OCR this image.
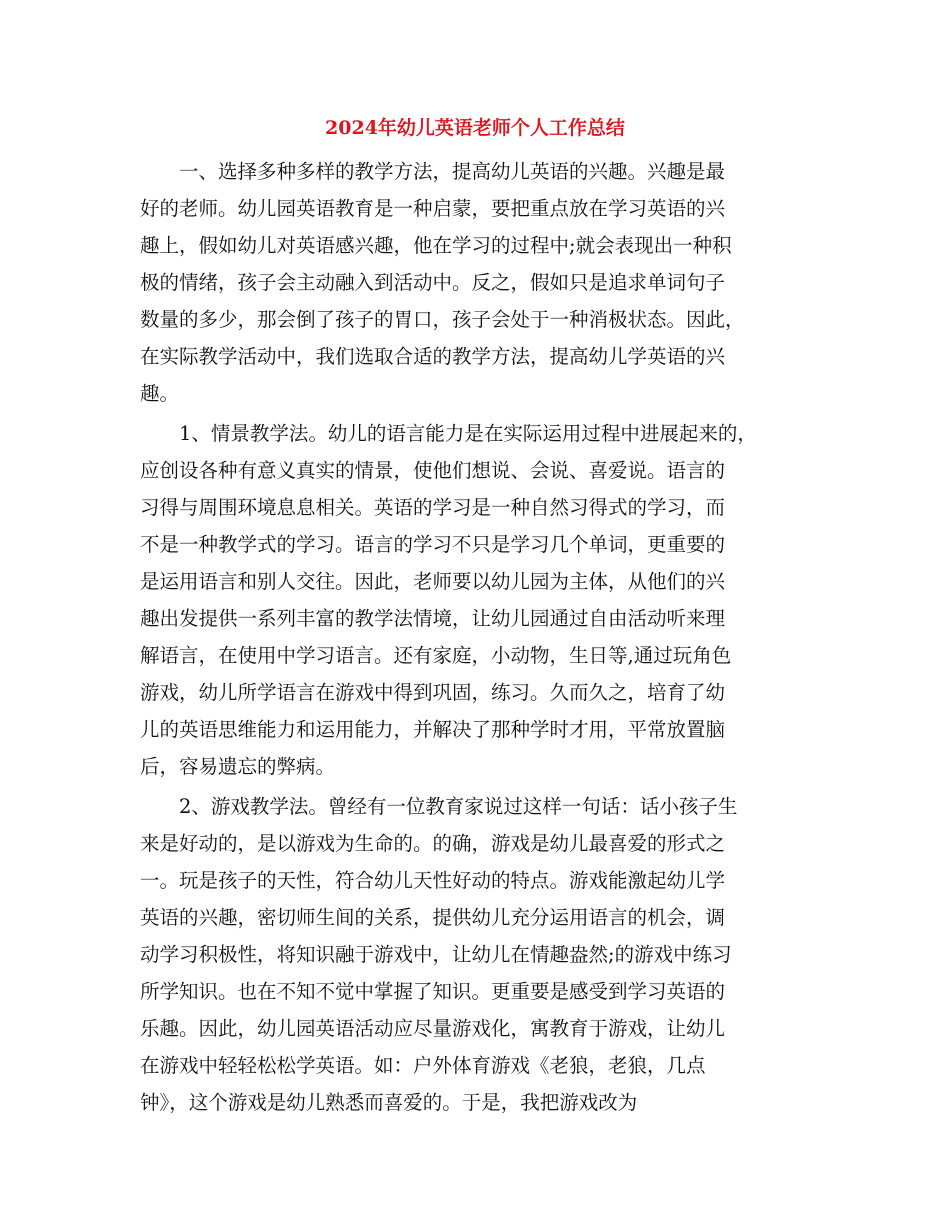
2024年幼儿英语老师个人工作总结
　　一、选择多种多样的教学方法，提高幼儿英语的兴趣。兴趣是最
好的老师。幼儿园英语教育是一种启蒙，要把重点放在学习英语的兴
趣上，假如幼儿对英语感兴趣，他在学习的过程中;就会表现出一种积
极的情绪，孩子会主动融入到活动中。反之，假如只是追求单词句子
数量的多少，那会倒了孩子的胃口，孩子会处于一种消极状态。因此，
在实际教学活动中，我们选取合适的教学方法，提高幼儿学英语的兴
趣。
　　1、情景教学法。幼儿的语言能力是在实际运用过程中进展起来的，
应创设各种有意义真实的情景，使他们想说、会说、喜爱说。语言的
习得与周围环境息息相关。英语的学习是一种自然习得式的学习，而
不是一种教学式的学习。语言的学习不只是学习几个单词，更重要的
是运用语言和别人交往。因此，老师要以幼儿园为主体，从他们的兴
趣出发提供一系列丰富的教学法情境，让幼儿园通过自由活动听来理
解语言，在使用中学习语言。还有家庭，小动物，生日等,通过玩角色
游戏，幼儿所学语言在游戏中得到巩固，练习。久而久之，培育了幼
儿的英语思维能力和运用能力，并解决了那种学时才用，平常放置脑
后，容易遗忘的弊病。
　　2、游戏教学法。曾经有一位教育家说过这样一句话：话小孩子生
来是好动的，是以游戏为生命的。的确，游戏是幼儿最喜爱的形式之
一。玩是孩子的天性，符合幼儿天性好动的特点。游戏能激起幼儿学
英语的兴趣，密切师生间的关系，提供幼儿充分运用语言的机会，调
动学习积极性，将知识融于游戏中，让幼儿在情趣盎然;的游戏中练习
所学知识。也在不知不觉中掌握了知识。更重要是感受到学习英语的
乐趣。因此，幼儿园英语活动应尽量游戏化，寓教育于游戏，让幼儿
在游戏中轻轻松松学英语。如：户外体育游戏《老狼，老狼，几点
钟》，这个游戏是幼儿熟悉而喜爱的。于是，我把游戏改为
